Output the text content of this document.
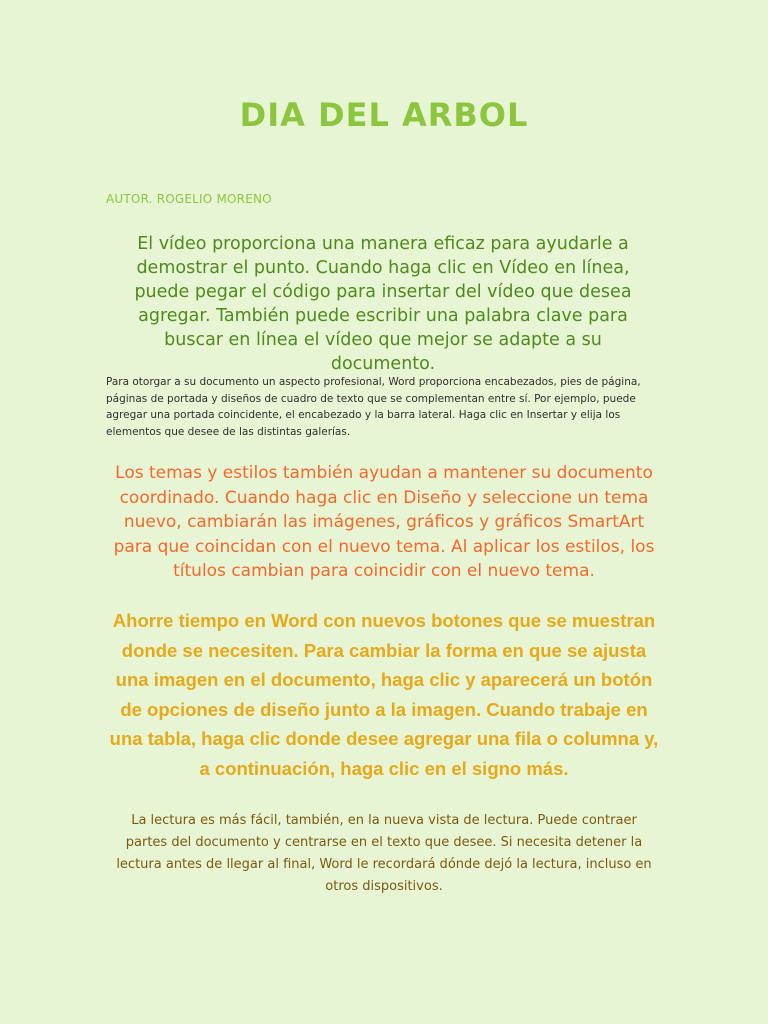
DIA DEL ARBOL

AUTOR. ROGELIO MORENO

El vídeo proporciona una manera eficaz para ayudarle a demostrar el punto. Cuando haga clic en Vídeo en línea, puede pegar el código para insertar del vídeo que desea agregar. También puede escribir una palabra clave para buscar en línea el vídeo que mejor se adapte a su documento.

Para otorgar a su documento un aspecto profesional, Word proporciona encabezados, pies de página, páginas de portada y diseños de cuadro de texto que se complementan entre sí. Por ejemplo, puede agregar una portada coincidente, el encabezado y la barra lateral. Haga clic en Insertar y elija los elementos que desee de las distintas galerías.

Los temas y estilos también ayudan a mantener su documento coordinado. Cuando haga clic en Diseño y seleccione un tema nuevo, cambiarán las imágenes, gráficos y gráficos SmartArt para que coincidan con el nuevo tema. Al aplicar los estilos, los títulos cambian para coincidir con el nuevo tema.

Ahorre tiempo en Word con nuevos botones que se muestran donde se necesiten. Para cambiar la forma en que se ajusta una imagen en el documento, haga clic y aparecerá un botón de opciones de diseño junto a la imagen. Cuando trabaje en una tabla, haga clic donde desee agregar una fila o columna y, a continuación, haga clic en el signo más.

La lectura es más fácil, también, en la nueva vista de lectura. Puede contraer partes del documento y centrarse en el texto que desee. Si necesita detener la lectura antes de llegar al final, Word le recordará dónde dejó la lectura, incluso en otros dispositivos.
